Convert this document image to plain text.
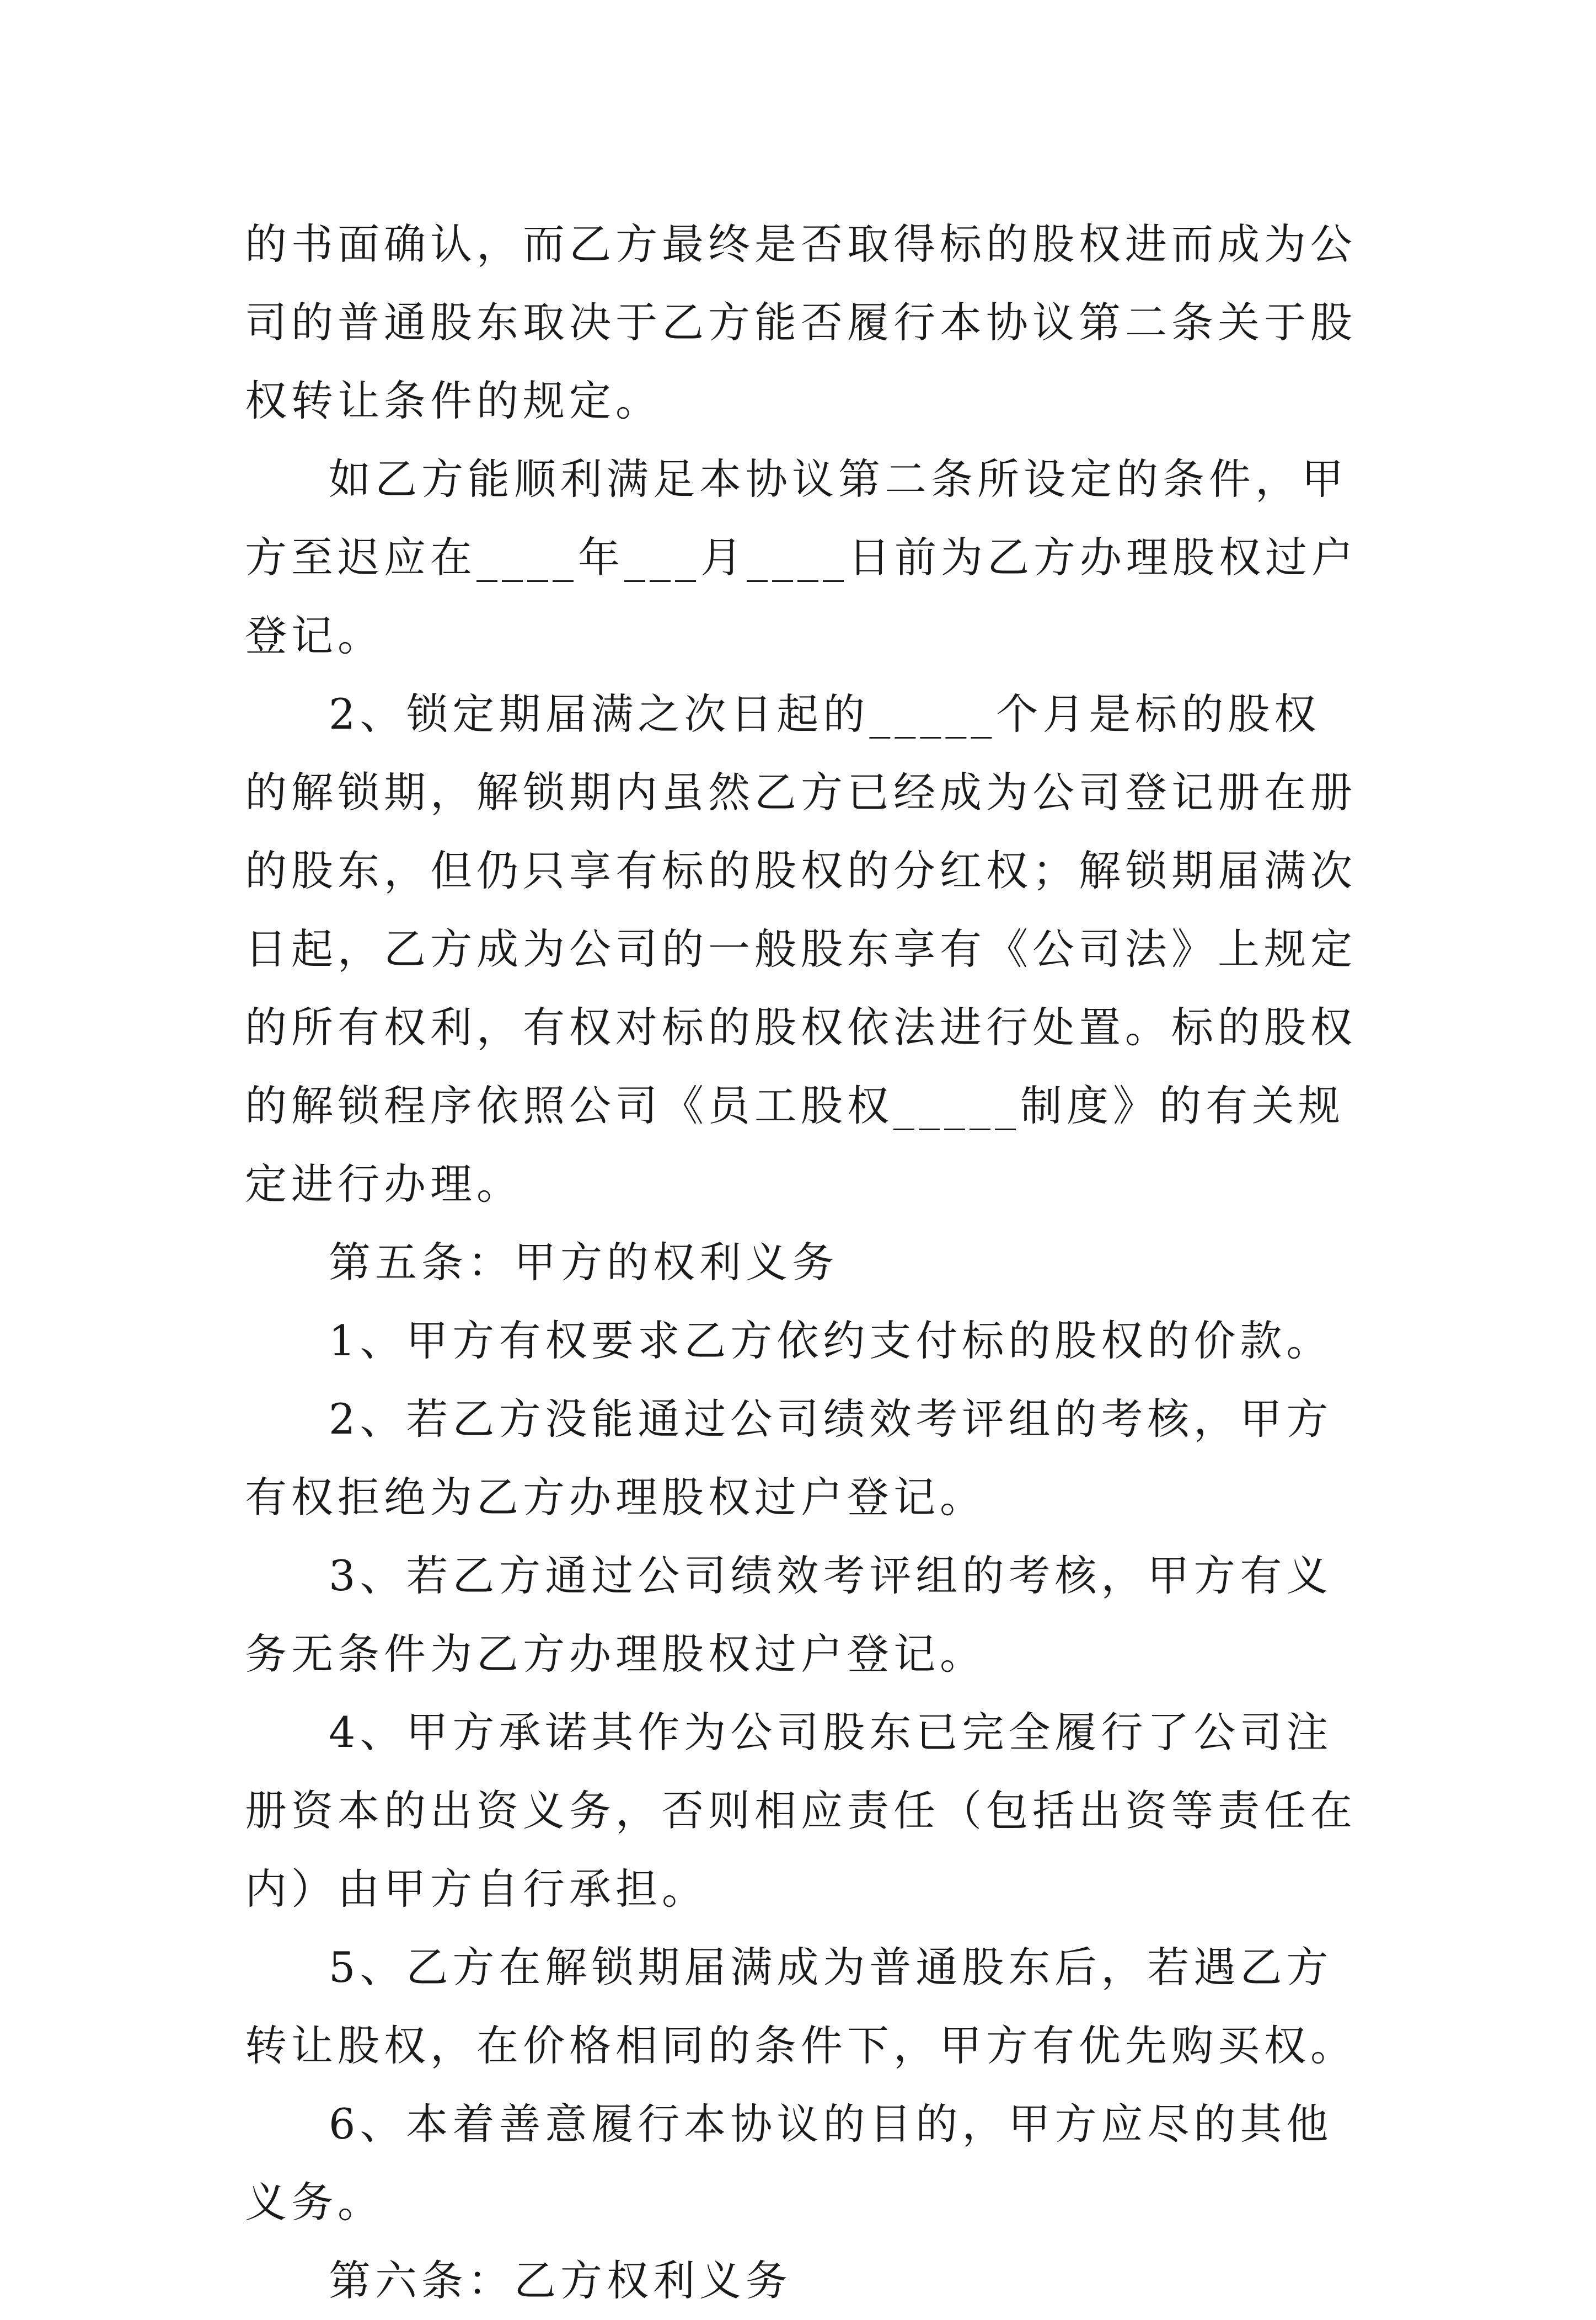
的书面确认，而乙方最终是否取得标的股权进而成为公司的普通股东取决于乙方能否履行本协议第二条关于股权转让条件的规定。

如乙方能顺利满足本协议第二条所设定的条件，甲方至迟应在____年___月____日前为乙方办理股权过户登记。

2、锁定期届满之次日起的_____个月是标的股权的解锁期，解锁期内虽然乙方已经成为公司登记册在册的股东，但仍只享有标的股权的分红权；解锁期届满次日起，乙方成为公司的一般股东享有《公司法》上规定的所有权利，有权对标的股权依法进行处置。标的股权的解锁程序依照公司《员工股权_____制度》的有关规定进行办理。

第五条：甲方的权利义务

1、甲方有权要求乙方依约支付标的股权的价款。

2、若乙方没能通过公司绩效考评组的考核，甲方有权拒绝为乙方办理股权过户登记。

3、若乙方通过公司绩效考评组的考核，甲方有义务无条件为乙方办理股权过户登记。

4、甲方承诺其作为公司股东已完全履行了公司注册资本的出资义务，否则相应责任（包括出资等责任在内）由甲方自行承担。

5、乙方在解锁期届满成为普通股东后，若遇乙方转让股权，在价格相同的条件下，甲方有优先购买权。

6、本着善意履行本协议的目的，甲方应尽的其他义务。

第六条：乙方权利义务
